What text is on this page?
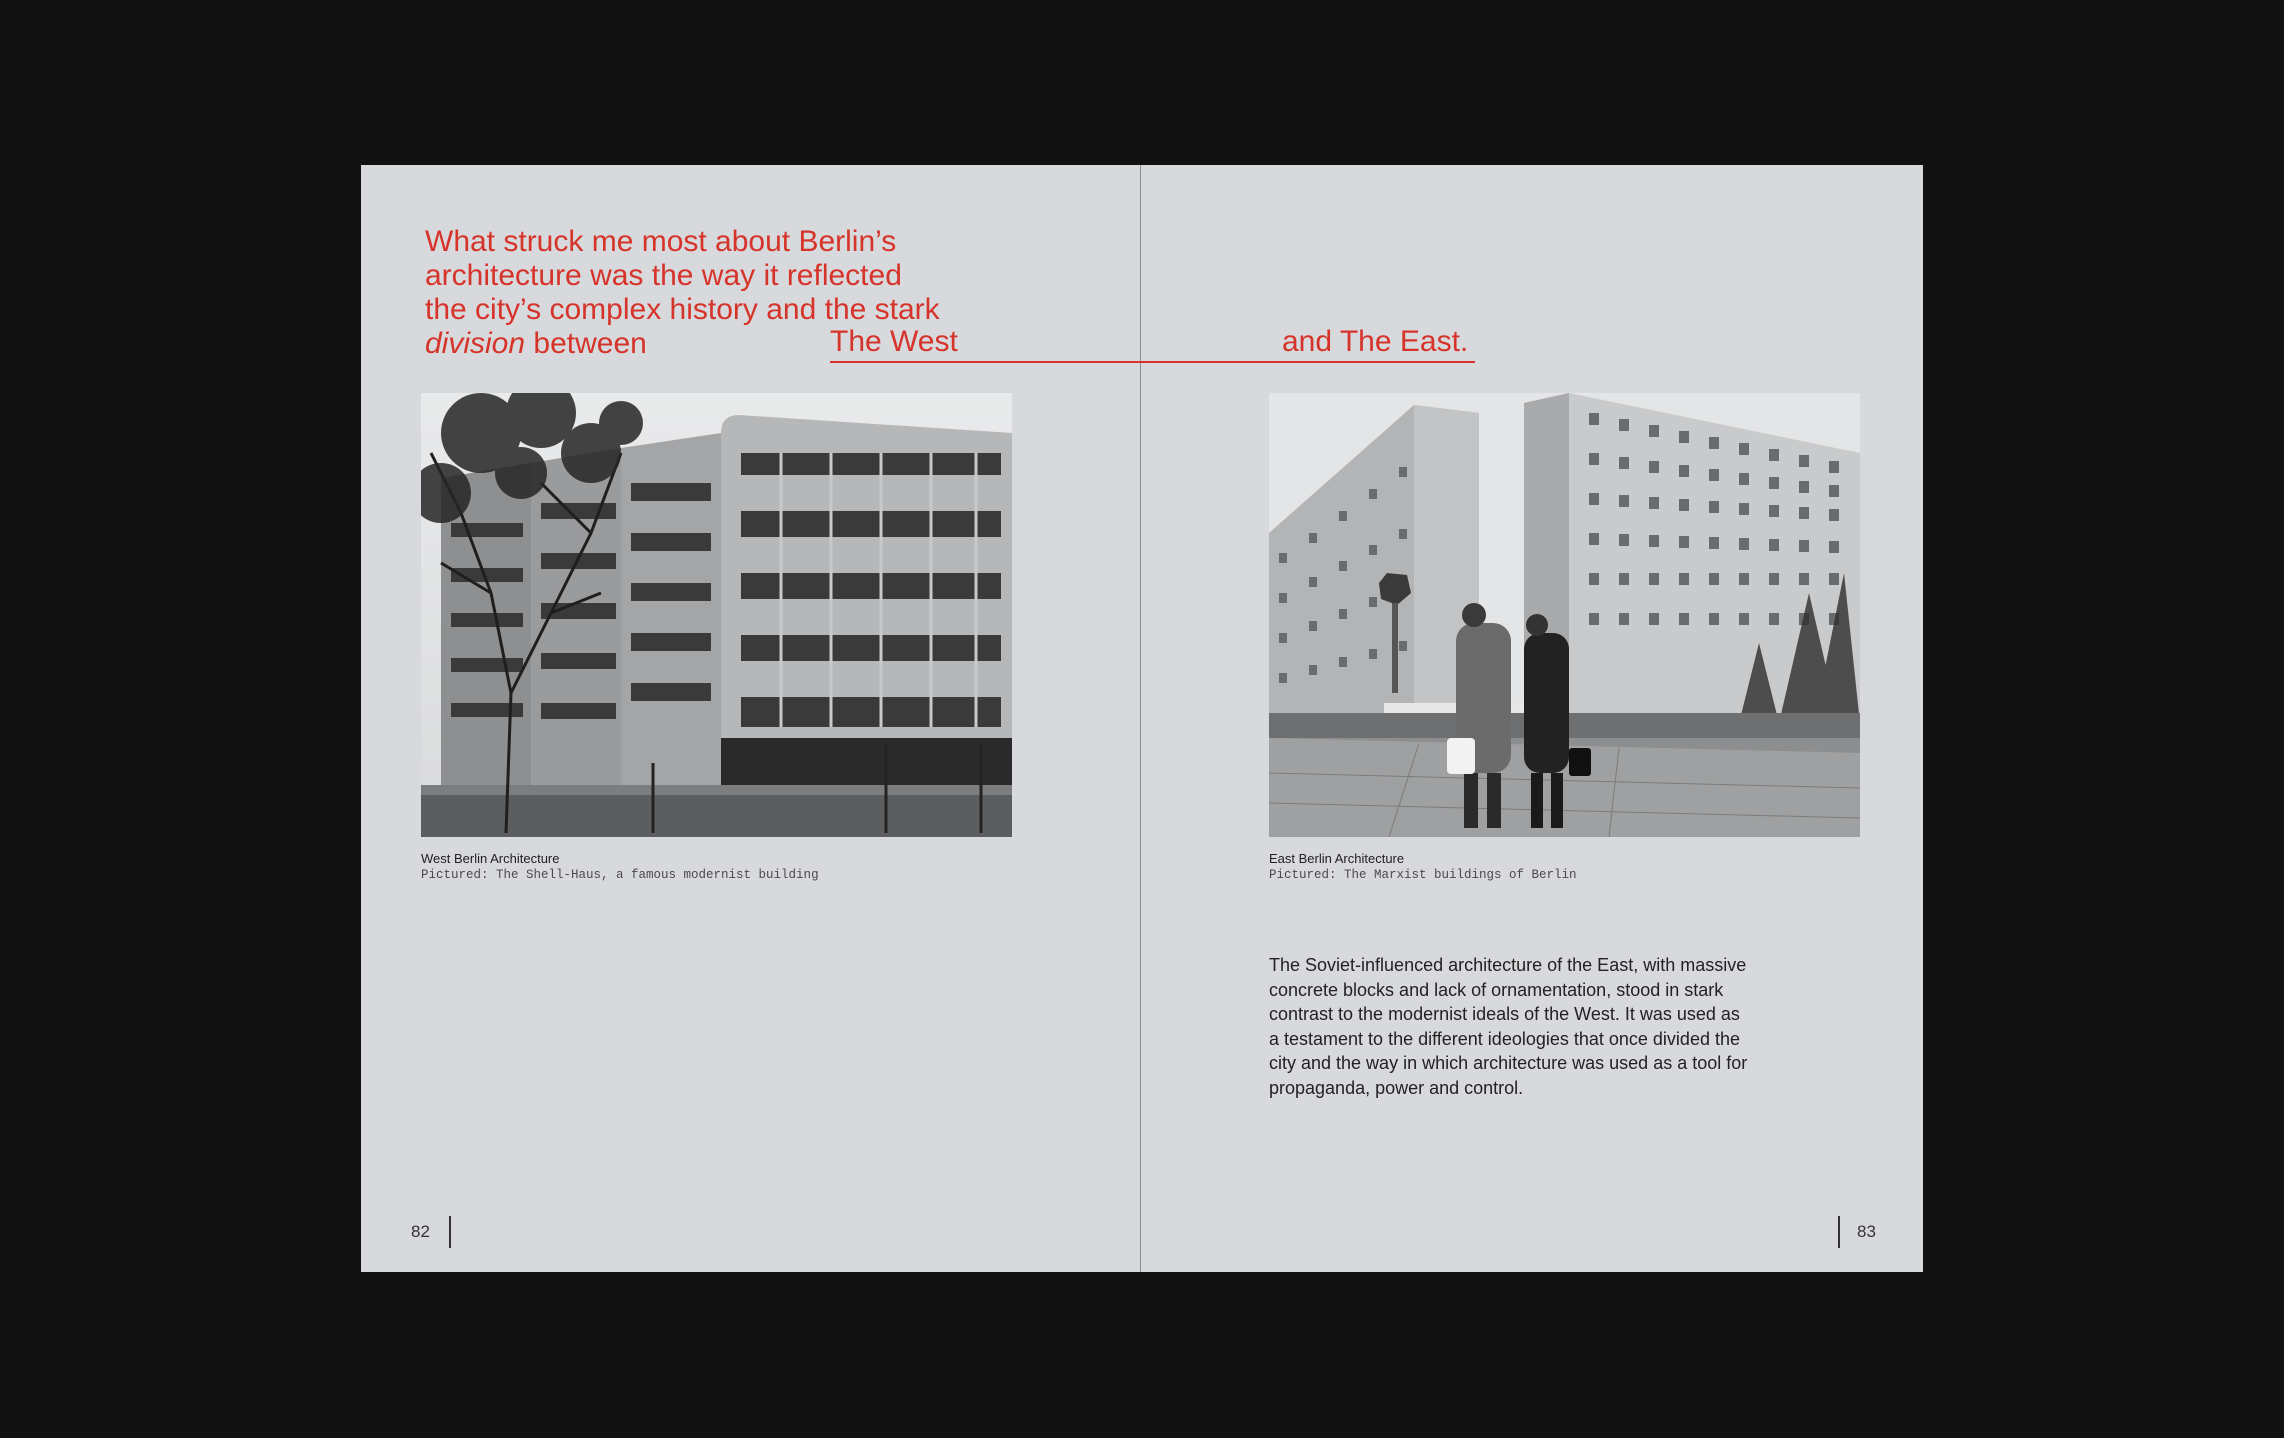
What struck me most about Berlin’s
architecture was the way it reflected
the city’s complex history and the stark
division between	The West	and The East.

West Berlin Architecture

Pictured: The Shell-Haus, a famous modernist building

East Berlin Architecture

Pictured: The Marxist buildings of Berlin

The Soviet-influenced architecture of the East, with massive
concrete blocks and lack of ornamentation, stood in stark
contrast to the modernist ideals of the West. It was used as
a testament to the different ideologies that once divided the
city and the way in which architecture was used as a tool for
propaganda, power and control.

82	83
